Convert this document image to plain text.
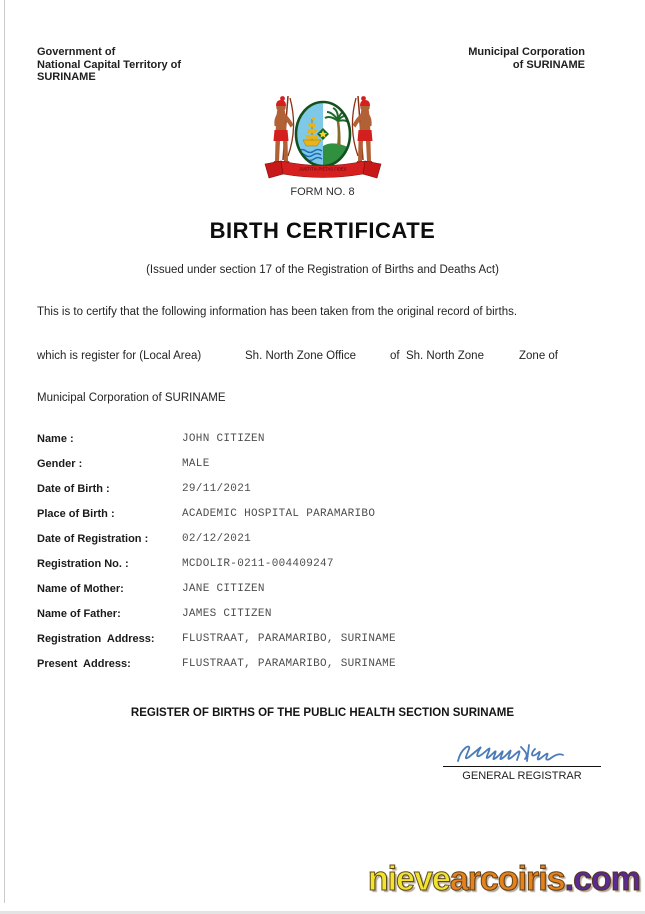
Government of
National Capital Territory of
SURINAME
Municipal Corporation
of SURINAME
JUSTITIA PIETAS FIDES
FORM NO. 8
BIRTH CERTIFICATE
(Issued under section 17 of the Registration of Births and Deaths Act)
This is to certify that the following information has been taken from the original record of births.
which is register for (Local Area)	Sh. North Zone Office	of  Sh. North Zone	Zone of
Municipal Corporation of SURINAME
Name :	JOHN CITIZEN
Gender :	MALE
Date of Birth :	29/11/2021
Place of Birth :	ACADEMIC HOSPITAL PARAMARIBO
Date of Registration :	02/12/2021
Registration No. :	MCDOLIR-0211-004409247
Name of Mother:	JANE CITIZEN
Name of Father:	JAMES CITIZEN
Registration  Address: FLUSTRAAT, PARAMARIBO, SURINAME
Present  Address:	FLUSTRAAT, PARAMARIBO, SURINAME
REGISTER OF BIRTHS OF THE PUBLIC HEALTH SECTION SURINAME
GENERAL REGISTRAR
nievearcoiris.com
